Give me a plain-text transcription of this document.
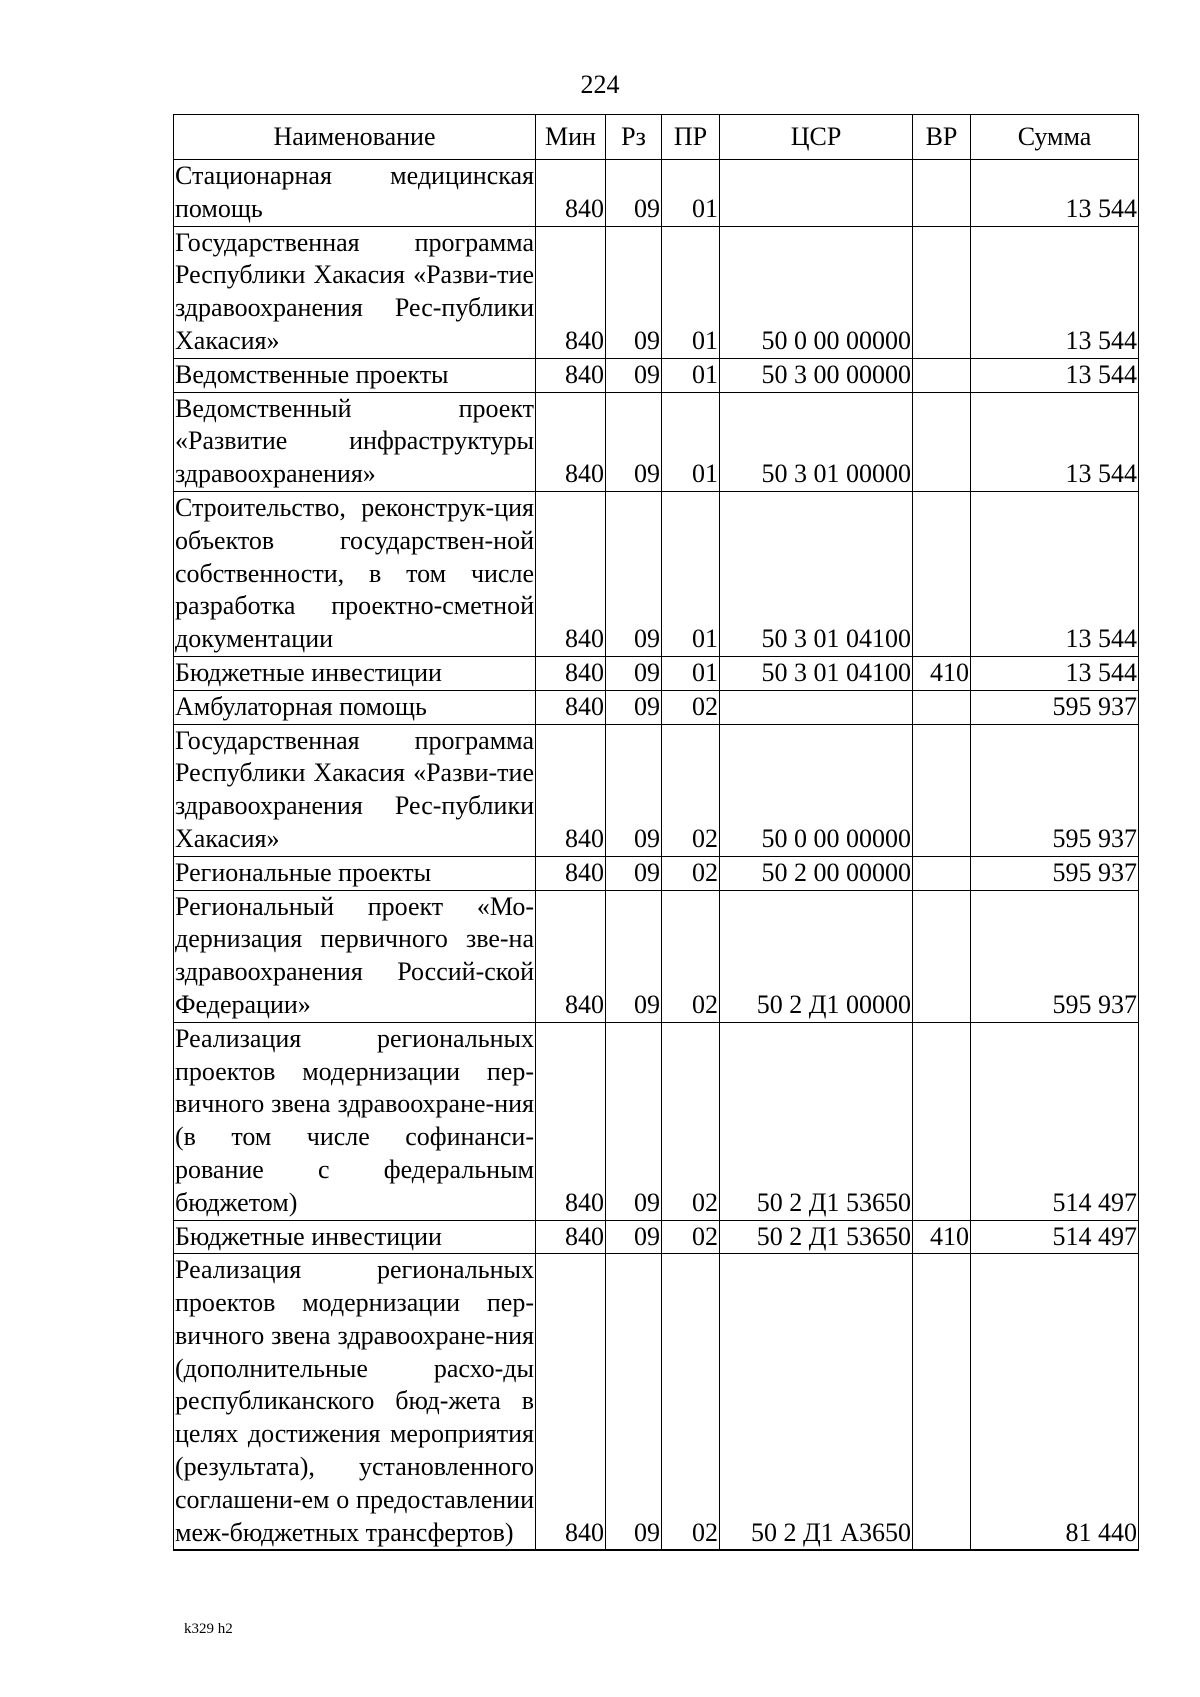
224
Наименование	Мин	Рз	ПР	ЦСР	ВР	Сумма
Стационарная медицинская помощь	840	09	01			13 544
Государственная программа Республики Хакасия «Разви-тие здравоохранения Рес-публики Хакасия»	840	09	01	50 0 00 00000		13 544
Ведомственные проекты	840	09	01	50 3 00 00000		13 544
Ведомственный проект «Развитие инфраструктуры здравоохранения»	840	09	01	50 3 01 00000		13 544
Строительство, реконструк-ция объектов государствен-ной собственности, в том числе разработка проектно-сметной документации	840	09	01	50 3 01 04100		13 544
Бюджетные инвестиции	840	09	01	50 3 01 04100	410	13 544
Амбулаторная помощь	840	09	02			595 937
Государственная программа Республики Хакасия «Разви-тие здравоохранения Рес-публики Хакасия»	840	09	02	50 0 00 00000		595 937
Региональные проекты	840	09	02	50 2 00 00000		595 937
Региональный проект «Мо-дернизация первичного зве-на здравоохранения Россий-ской Федерации»	840	09	02	50 2 Д1 00000		595 937
Реализация региональных проектов модернизации пер-вичного звена здравоохране-ния (в том числе софинанси-рование с федеральным бюджетом)	840	09	02	50 2 Д1 53650		514 497
Бюджетные инвестиции	840	09	02	50 2 Д1 53650	410	514 497
Реализация региональных проектов модернизации пер-вичного звена здравоохране-ния (дополнительные расхо-ды республиканского бюд-жета в целях достижения мероприятия (результата), установленного соглашени-ем о предоставлении меж-бюджетных трансфертов)	840	09	02	50 2 Д1 А3650		81 440
k329 h2
